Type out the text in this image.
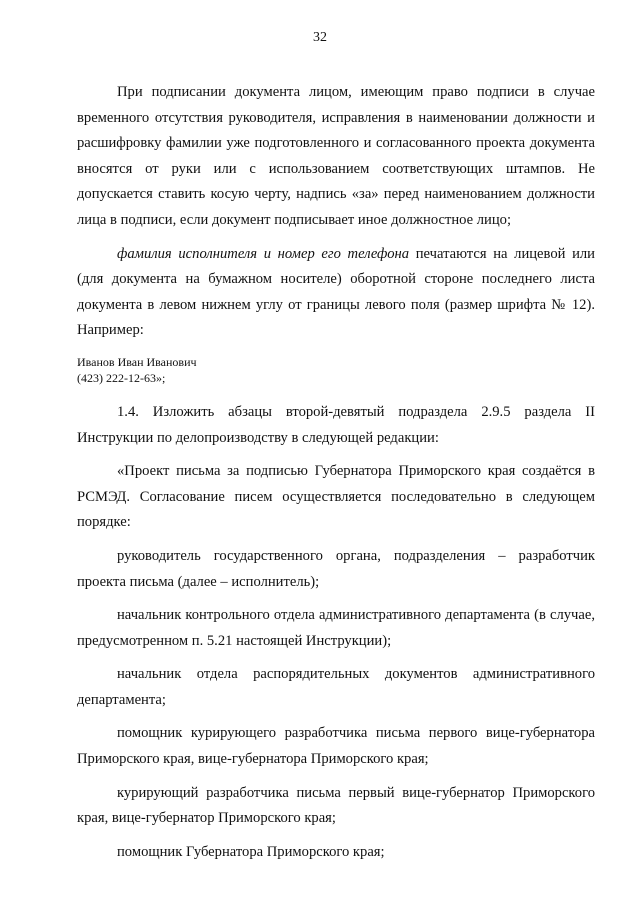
32

При подписании документа лицом, имеющим право подписи в случае временного отсутствия руководителя, исправления в наименовании должности и расшифровку фамилии уже подготовленного и согласованного проекта документа вносятся от руки или с использованием соответствующих штампов. Не допускается ставить косую черту, надпись «за» перед наименованием должности лица в подписи, если документ подписывает иное должностное лицо;

фамилия исполнителя и номер его телефона печатаются на лицевой или (для документа на бумажном носителе) оборотной стороне последнего листа документа в левом нижнем углу от границы левого поля (размер шрифта № 12). Например:

Иванов Иван Иванович
(423) 222-12-63»;

1.4. Изложить абзацы второй-девятый подраздела 2.9.5 раздела II Инструкции по делопроизводству в следующей редакции:

«Проект письма за подписью Губернатора Приморского края создаётся в РСМЭД. Согласование писем осуществляется последовательно в следующем порядке:

руководитель государственного органа, подразделения – разработчик проекта письма (далее – исполнитель);

начальник контрольного отдела административного департамента (в случае, предусмотренном п. 5.21 настоящей Инструкции);

начальник отдела распорядительных документов административного департамента;

помощник курирующего разработчика письма первого вице-губернатора Приморского края, вице-губернатора Приморского края;

курирующий разработчика письма первый вице-губернатор Приморского края, вице-губернатор Приморского края;

помощник Губернатора Приморского края;
